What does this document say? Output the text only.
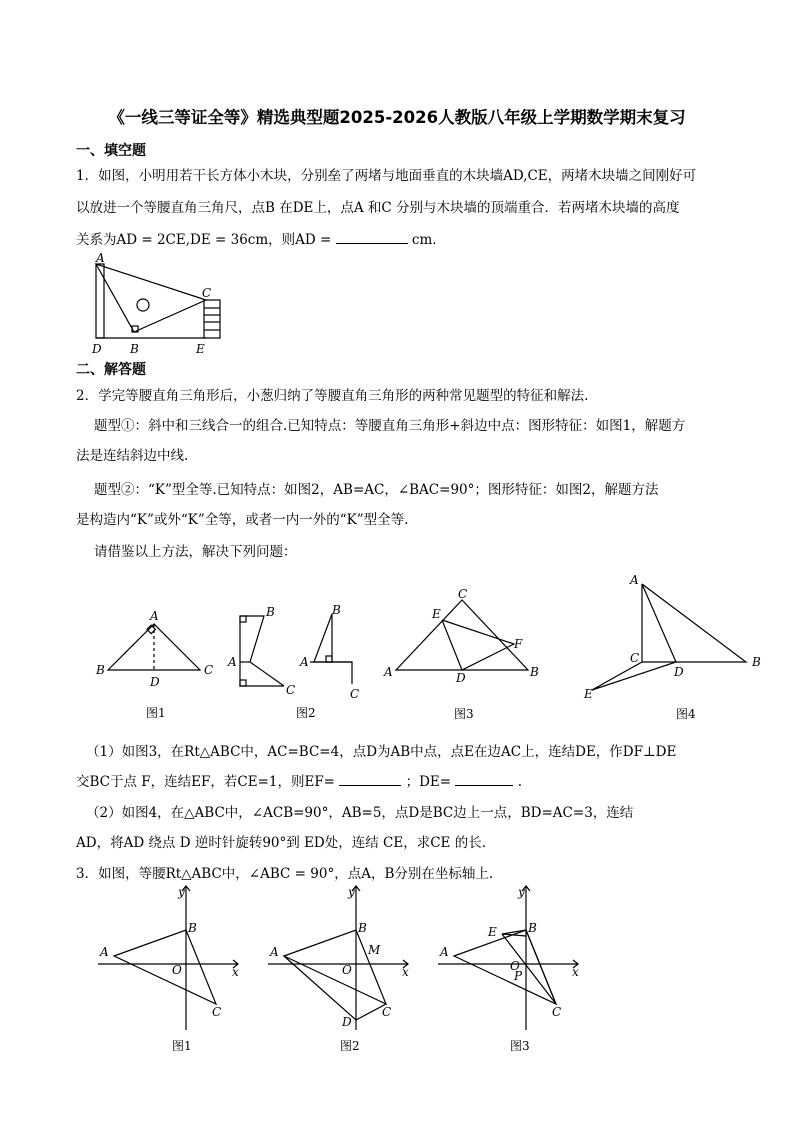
《一线三等证全等》精选典型题2025-2026人教版八年级上学期数学期末复习
一、填空题
1．如图，小明用若干长方体小木块，分别垒了两堵与地面垂直的木块墙AD,CE，两堵木块墙之间刚好可
以放进一个等腰直角三角尺，点B 在DE上，点A 和C 分别与木块墙的顶端重合．若两堵木块墙的高度
关系为AD = 2CE,DE = 36cm，则AD =	cm．
A
C
D B	E
二、解答题
2．学完等腰直角三角形后，小葱归纳了等腰直角三角形的两种常见题型的特征和解法.
题型①：斜中和三线合一的组合.已知特点：等腰直角三角形+斜边中点：图形特征：如图1，解题方
法是连结斜边中线.
题型②：“K”型全等.已知特点：如图2，AB=AC，∠BAC=90°；图形特征：如图2，解题方法
是构造内“K”或外“K”全等，或者一内一外的“K”型全等.
请借鉴以上方法，解决下列问题：
A
B	C
D
图1
B
A
C
图2
B
A
C
C
E
F
A	D	B
图3
A
C
D
B
E
图4
（1）如图3，在Rt△ABC中，AC=BC=4，点D为AB中点，点E在边AC上，连结DE，作DF⊥DE
交BC于点 F，连结EF，若CE=1，则EF=	；DE=	.
（2）如图4，在△ABC中，∠ACB=90°，AB=5，点D是BC边上一点，BD=AC=3，连结
AD，将AD 绕点 D 逆时针旋转90°到 ED处，连结 CE，求CE 的长.
3．如图，等腰Rt△ABC中，∠ABC = 90°，点A，B分别在坐标轴上．
y
B
A
O	x
C
图1
y
B
M
A
O	x
D
C
图2
y
E	B
A
O
P	x
C
图3
